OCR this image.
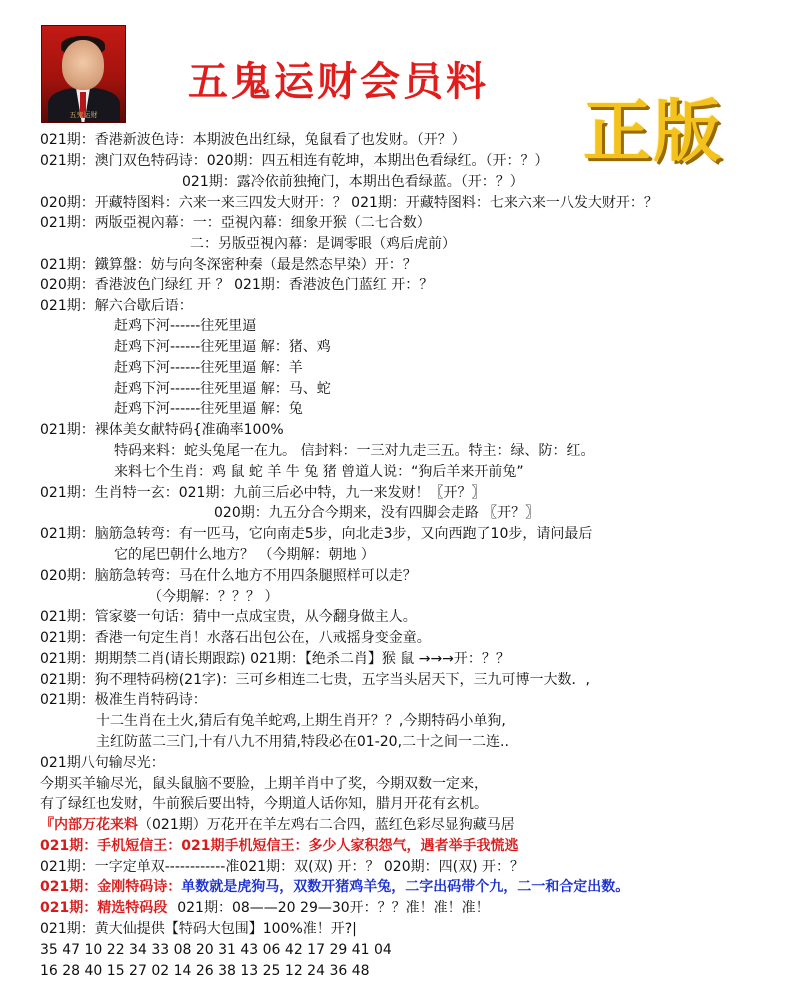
五鬼运财
五鬼运财会员料
正版
021期：香港新波色诗：本期波色出红绿，兔鼠看了也发财。（开？）
021期：澳门双色特码诗：020期：四五相连有乾坤，本期出色看绿红。（开：？）
021期：露冷依前独掩门，本期出色看绿蓝。（开：？）
020期：开藏特图料：六来一来三四发大财开：？ 021期：开藏特图料：七来六来一八发大财开：？
021期：两版亞視內幕：一：亞視內幕：细象开猴（二七合数）
二：另版亞視內幕：是调零眼（鸡后虎前）
021期：鐵算盤：妨与向冬深密种秦（最是然态早染）开：？
020期：香港波色门绿红 开 ？ 021期：香港波色门蓝红 开：？
021期：解六合歇后语：
赶鸡下河------往死里逼
赶鸡下河------往死里逼 解：猪、鸡
赶鸡下河------往死里逼 解：羊
赶鸡下河------往死里逼 解：马、蛇
赶鸡下河------往死里逼 解：兔
021期：裸体美女献特码{准确率100%
特码来料：蛇头兔尾一在九。 信封料：一三对九走三五。特主：绿、防：红。
来料七个生肖：鸡 鼠 蛇 羊 牛 兔 猪 曾道人说：“狗后羊来开前兔”
021期：生肖特一玄：021期：九前三后必中特，九一来发财！〖开？〗
020期：九五分合今期来，没有四脚会走路 〖开？〗
021期：脑筋急转弯：有一匹马，它向南走5步，向北走3步，又向西跑了10步，请问最后
它的尾巴朝什么地方？ （今期解：朝地 ）
020期：脑筋急转弯：马在什么地方不用四条腿照样可以走？
（今期解：？？？ ）
021期：管家婆一句话：猜中一点成宝贵，从今翻身做主人。
021期：香港一句定生肖！水落石出包公在，八戒摇身变金童。
021期：期期禁二肖(请长期跟踪) 021期：【绝杀二肖】猴 鼠 →→→开：？？
021期：狗不理特码榜(21字)：三可乡相连二七贵，五字当头居天下，三九可博一大数．,
021期：极准生肖特码诗：
十二生肖在土火,猜后有兔羊蛇鸡,上期生肖开？？,今期特码小单狗,
主红防蓝二三门,十有八九不用猜,特段必在01-20,二十之间一二连..
021期八句输尽光：
今期买羊输尽光，鼠头鼠脑不要脸，上期羊肖中了奖，今期双数一定来，
有了绿红也发财，牛前猴后要出特，今期道人话你知，腊月开花有玄机。
『内部万花来料（021期）万花开在羊左鸡右二合四，蓝红色彩尽显狗藏马居
021期：手机短信王：021期手机短信王：多少人家积怨气，遇者举手我慌逃
021期：一字定单双------------准021期：双(双) 开：？ 020期：四(双) 开：？
021期：金刚特码诗：单数就是虎狗马，双数开猪鸡羊兔，二字出码带个九，二一和合定出数。
021期：精选特码段 021期：08——20 29—30开：？？准！准！准！
021期：黄大仙提供【特码大包围】100%准！开?|
35 47 10 22 34 33 08 20 31 43 06 42 17 29 41 04
16 28 40 15 27 02 14 26 38 13 25 12 24 36 48
